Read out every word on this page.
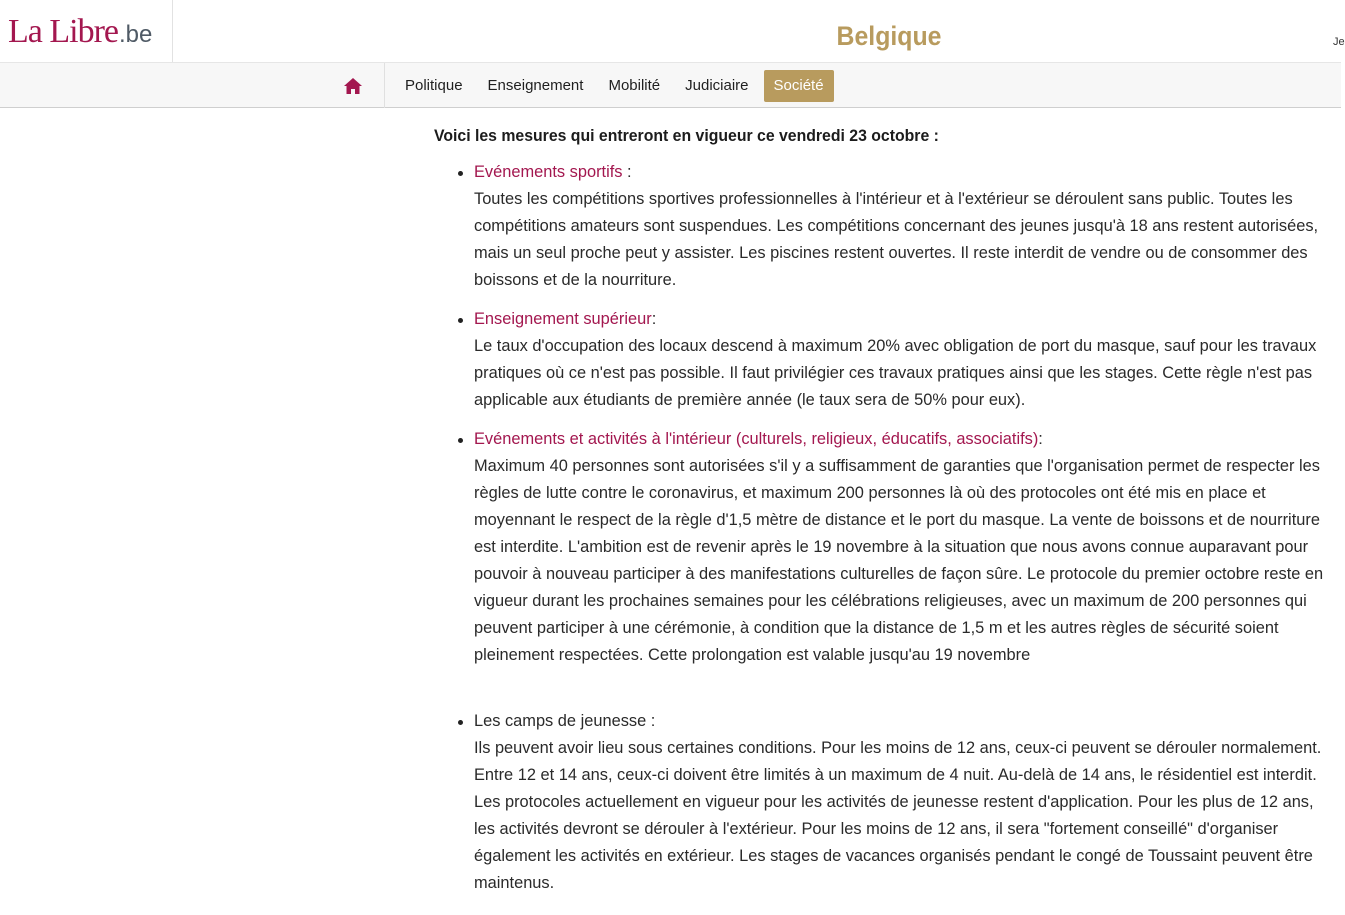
La Libre.be	Belgique	Je
Politique	Enseignement	Mobilité	Judiciaire	Société

Voici les mesures qui entreront en vigueur ce vendredi 23 octobre :

Evénements sportifs :
Toutes les compétitions sportives professionnelles à l'intérieur et à l'extérieur se déroulent sans public. Toutes les compétitions amateurs sont suspendues. Les compétitions concernant des jeunes jusqu'à 18 ans restent autorisées, mais un seul proche peut y assister. Les piscines restent ouvertes. Il reste interdit de vendre ou de consommer des boissons et de la nourriture.
Enseignement supérieur:
Le taux d'occupation des locaux descend à maximum 20% avec obligation de port du masque, sauf pour les travaux pratiques où ce n'est pas possible. Il faut privilégier ces travaux pratiques ainsi que les stages. Cette règle n'est pas applicable aux étudiants de première année (le taux sera de 50% pour eux).
Evénements et activités à l'intérieur (culturels, religieux, éducatifs, associatifs):
Maximum 40 personnes sont autorisées s'il y a suffisamment de garanties que l'organisation permet de respecter les règles de lutte contre le coronavirus, et maximum 200 personnes là où des protocoles ont été mis en place et moyennant le respect de la règle d'1,5 mètre de distance et le port du masque. La vente de boissons et de nourriture est interdite. L'ambition est de revenir après le 19 novembre à la situation que nous avons connue auparavant pour pouvoir à nouveau participer à des manifestations culturelles de façon sûre. Le protocole du premier octobre reste en vigueur durant les prochaines semaines pour les célébrations religieuses, avec un maximum de 200 personnes qui peuvent participer à une cérémonie, à condition que la distance de 1,5 m et les autres règles de sécurité soient pleinement respectées. Cette prolongation est valable jusqu'au 19 novembre
Les camps de jeunesse :
Ils peuvent avoir lieu sous certaines conditions. Pour les moins de 12 ans, ceux-ci peuvent se dérouler normalement. Entre 12 et 14 ans, ceux-ci doivent être limités à un maximum de 4 nuit. Au-delà de 14 ans, le résidentiel est interdit. Les protocoles actuellement en vigueur pour les activités de jeunesse restent d'application. Pour les plus de 12 ans, les activités devront se dérouler à l'extérieur. Pour les moins de 12 ans, il sera "fortement conseillé" d'organiser également les activités en extérieur. Les stages de vacances organisés pendant le congé de Toussaint peuvent être maintenus.
